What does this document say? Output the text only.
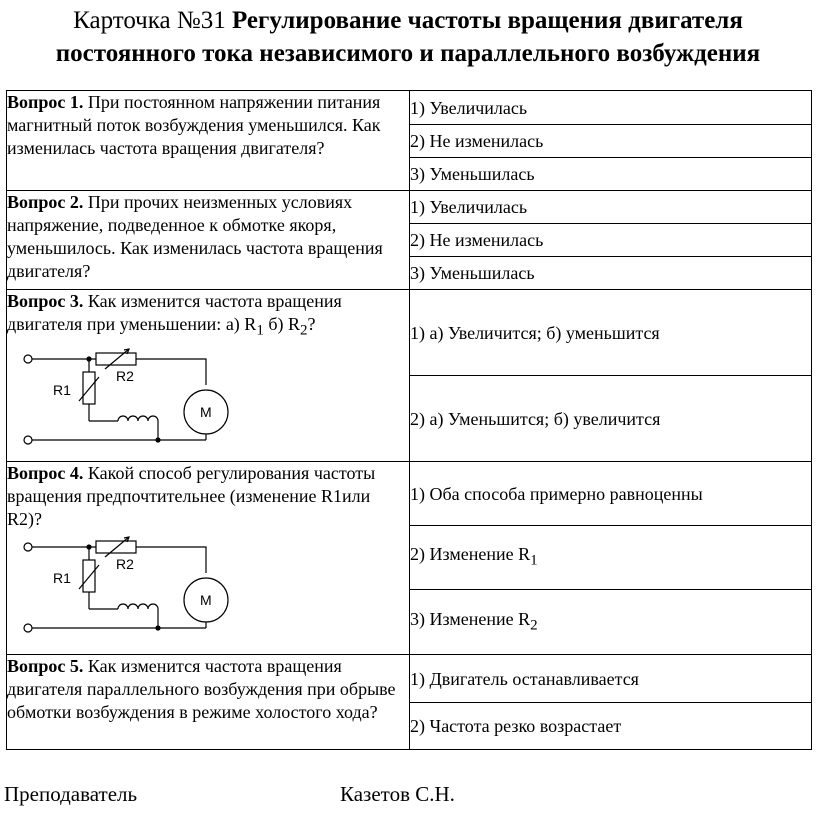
Карточка №31 Регулирование частоты вращения двигателя постоянного тока независимого и параллельного возбуждения
Вопрос 1. При постоянном напряжении питания магнитный поток возбуждения уменьшился. Как изменилась частота вращения двигателя?	1) Увеличилась
	2) Не изменилась
	3) Уменьшилась

Вопрос 2. При прочих неизменных условиях напряжение, подведенное к обмотке якоря, уменьшилось. Как изменилась частота вращения двигателя?	1) Увеличилась
	2) Не изменилась
	3) Уменьшилась

Вопрос 3. Как изменится частота вращения двигателя при уменьшении: а) $R_1$ б) $R_2$?
R1
R2
M	1) а) Увеличится; б) уменьшится
	2) а) Уменьшится; б) увеличится

Вопрос 4. Какой способ регулирования частоты вращения предпочтительнее (изменение R1или R2)?
R1
R2
M	1) Оба способа примерно равноценны
	2) Изменение $R_1$
	3) Изменение $R_2$

Вопрос 5. Как изменится частота вращения двигателя параллельного возбуждения при обрыве обмотки возбуждения в режиме холостого хода?	1) Двигатель останавливается
	2) Частота резко возрастает
Преподаватель	Казетов С.Н.
